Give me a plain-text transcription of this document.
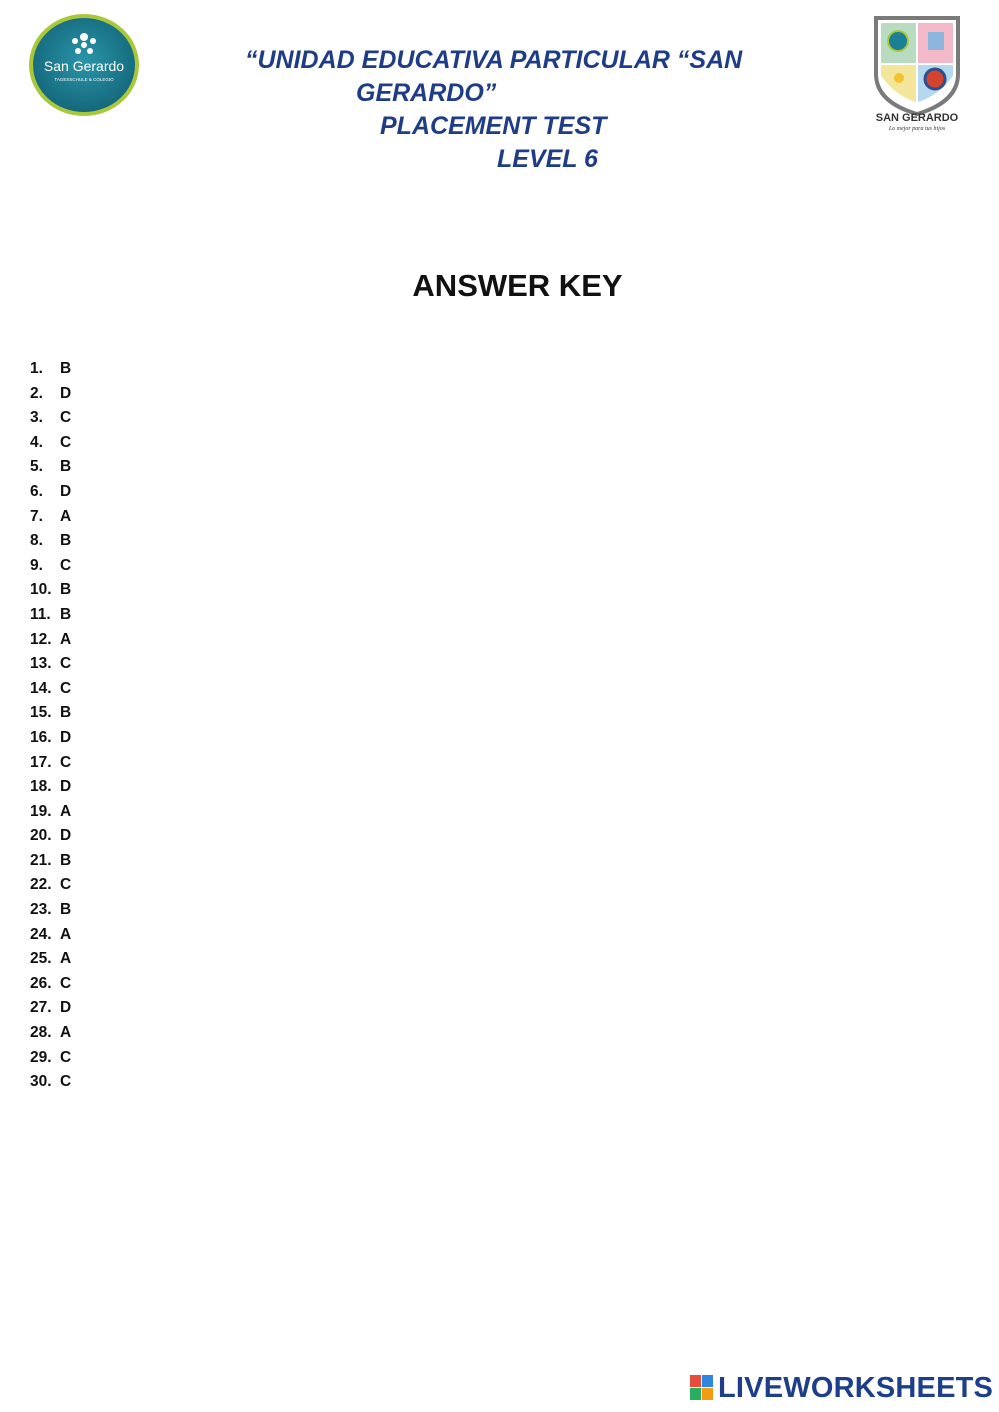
San Gerardo
TAGESSCHULE & COLEGIO
SAN GERARDO
Lo mejor para tus hijos
“UNIDAD EDUCATIVA PARTICULAR “SAN
GERARDO”
PLACEMENT TEST
LEVEL 6
ANSWER KEY
1.	B
2.	D
3.	C
4.	C
5.	B
6.	D
7.	A
8.	B
9.	C
10. B
11. B
12. A
13. C
14. C
15. B
16. D
17. C
18. D
19. A
20. D
21. B
22. C
23. B
24. A
25. A
26. C
27. D
28. A
29. C
30. C
LIVEWORKSHEETS
